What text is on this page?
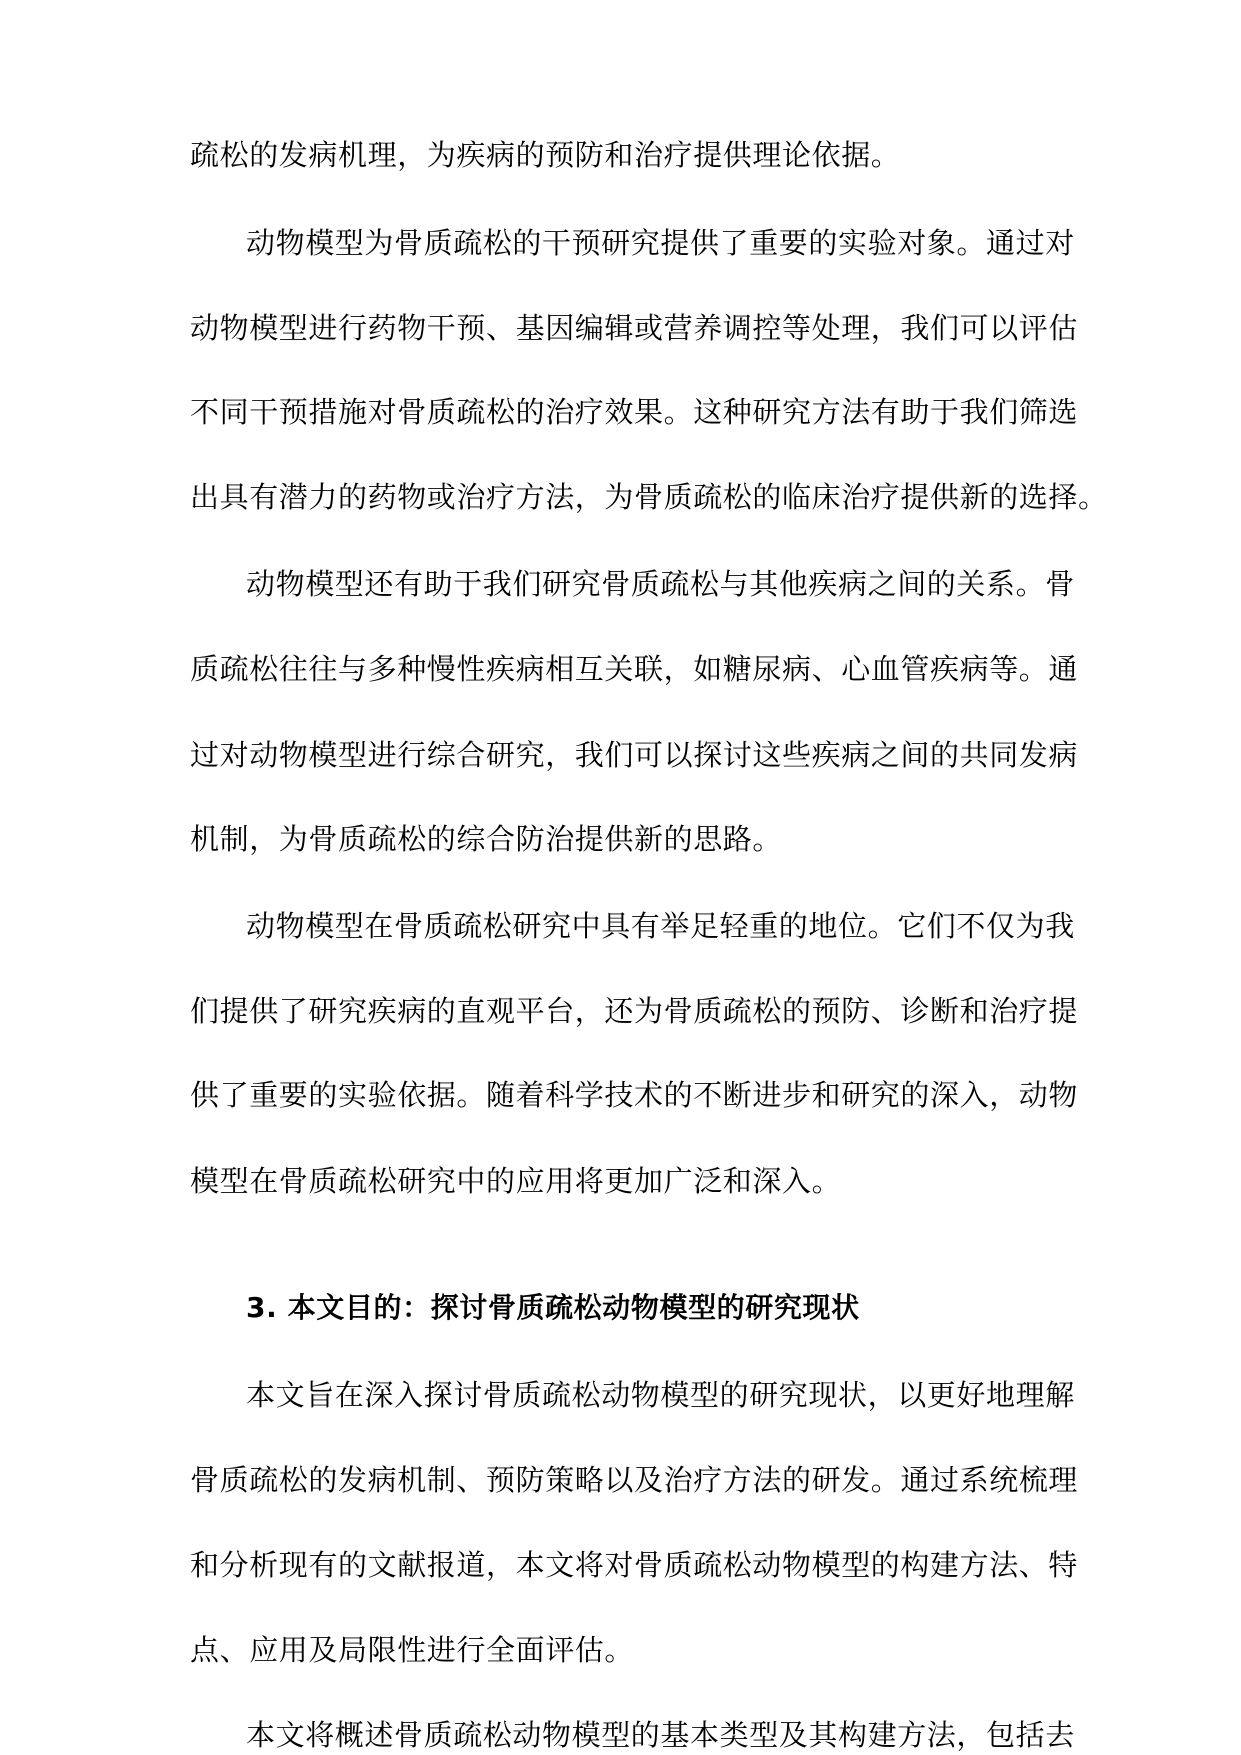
疏松的发病机理，为疾病的预防和治疗提供理论依据。
动物模型为骨质疏松的干预研究提供了重要的实验对象。通过对
动物模型进行药物干预、基因编辑或营养调控等处理，我们可以评估
不同干预措施对骨质疏松的治疗效果。这种研究方法有助于我们筛选
出具有潜力的药物或治疗方法，为骨质疏松的临床治疗提供新的选择。
动物模型还有助于我们研究骨质疏松与其他疾病之间的关系。骨
质疏松往往与多种慢性疾病相互关联，如糖尿病、心血管疾病等。通
过对动物模型进行综合研究，我们可以探讨这些疾病之间的共同发病
机制，为骨质疏松的综合防治提供新的思路。
动物模型在骨质疏松研究中具有举足轻重的地位。它们不仅为我
们提供了研究疾病的直观平台，还为骨质疏松的预防、诊断和治疗提
供了重要的实验依据。随着科学技术的不断进步和研究的深入，动物
模型在骨质疏松研究中的应用将更加广泛和深入。
3. 本文目的：探讨骨质疏松动物模型的研究现状
本文旨在深入探讨骨质疏松动物模型的研究现状，以更好地理解
骨质疏松的发病机制、预防策略以及治疗方法的研发。通过系统梳理
和分析现有的文献报道，本文将对骨质疏松动物模型的构建方法、特
点、应用及局限性进行全面评估。
本文将概述骨质疏松动物模型的基本类型及其构建方法，包括去
